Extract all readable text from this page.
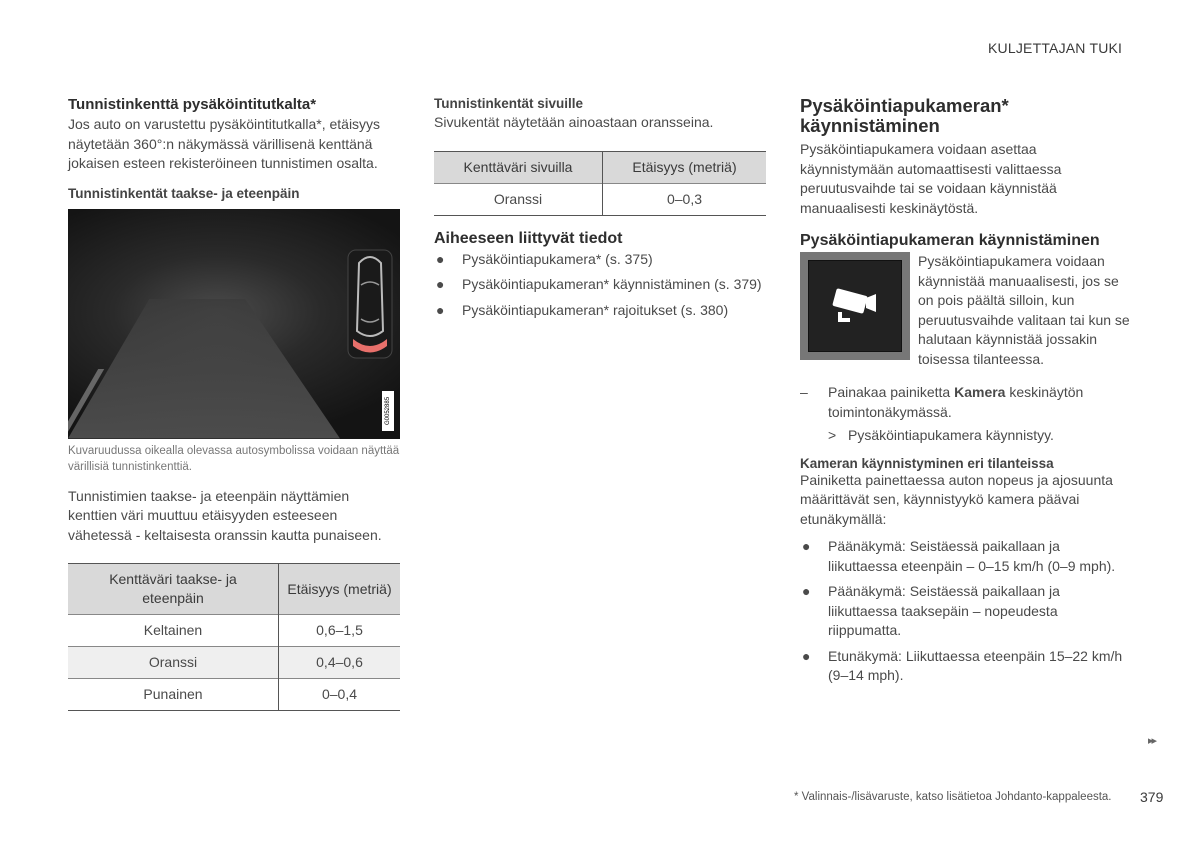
KULJETTAJAN TUKI
Tunnistinkenttä pysäköintitutkalta*

Jos auto on varustettu pysäköintitutkalla*, etäisyys näytetään 360°:n näkymässä värillisenä kenttänä jokaisen esteen rekisteröineen tunnistimen osalta.

Tunnistinkentät taakse- ja eteenpäin
G0052885

Kuvaruudussa oikealla olevassa autosymbolissa voidaan näyttää värillisiä tunnistinkenttiä.

Tunnistimien taakse- ja eteenpäin näyttämien kenttien väri muuttuu etäisyyden esteeseen vähetessä - keltaisesta oranssin kautta punaiseen.

Kenttäväri taakse- ja eteenpäin	Etäisyys (metriä)
Keltainen	0,6–1,5
Oranssi	0,4–0,6
Punainen	0–0,4
Tunnistinkentät sivuille

Sivukentät näytetään ainoastaan oransseina.

Kenttäväri sivuilla	Etäisyys (metriä)
Oranssi	0–0,3
Aiheeseen liittyvät tiedot
● Pysäköintiapukamera* (s. 375)
● Pysäköintiapukameran* käynnistäminen (s. 379)
● Pysäköintiapukameran* rajoitukset (s. 380)
Pysäköintiapukameran*
käynnistäminen

Pysäköintiapukamera voidaan asettaa käynnistymään automaattisesti valittaessa peruutusvaihde tai se voidaan käynnistää manuaalisesti keskinäytöstä.

Pysäköintiapukameran käynnistäminen

Pysäköintiapukamera voidaan käynnistää manuaalisesti, jos se on pois päältä silloin, kun peruutusvaihde valitaan tai kun se halutaan käynnistää jossakin toisessa tilanteessa.

– Painakaa painiketta Kamera keskinäytön toimintonäkymässä.
> Pysäköintiapukamera käynnistyy.
Kameran käynnistyminen eri tilanteissa

Painiketta painettaessa auton nopeus ja ajosuunta määrittävät sen, käynnistyykö kamera päävai etunäkymällä:

● Päänäkymä: Seistäessä paikallaan ja liikuttaessa eteenpäin – 0–15 km/h (0–9 mph).
● Päänäkymä: Seistäessä paikallaan ja liikuttaessa taaksepäin – nopeudesta riippumatta.
● Etunäkymä: Liikuttaessa eteenpäin 15–22 km/h (9–14 mph).
▸▸
* Valinnais-/lisävaruste, katso lisätietoa Johdanto-kappaleesta. 379
